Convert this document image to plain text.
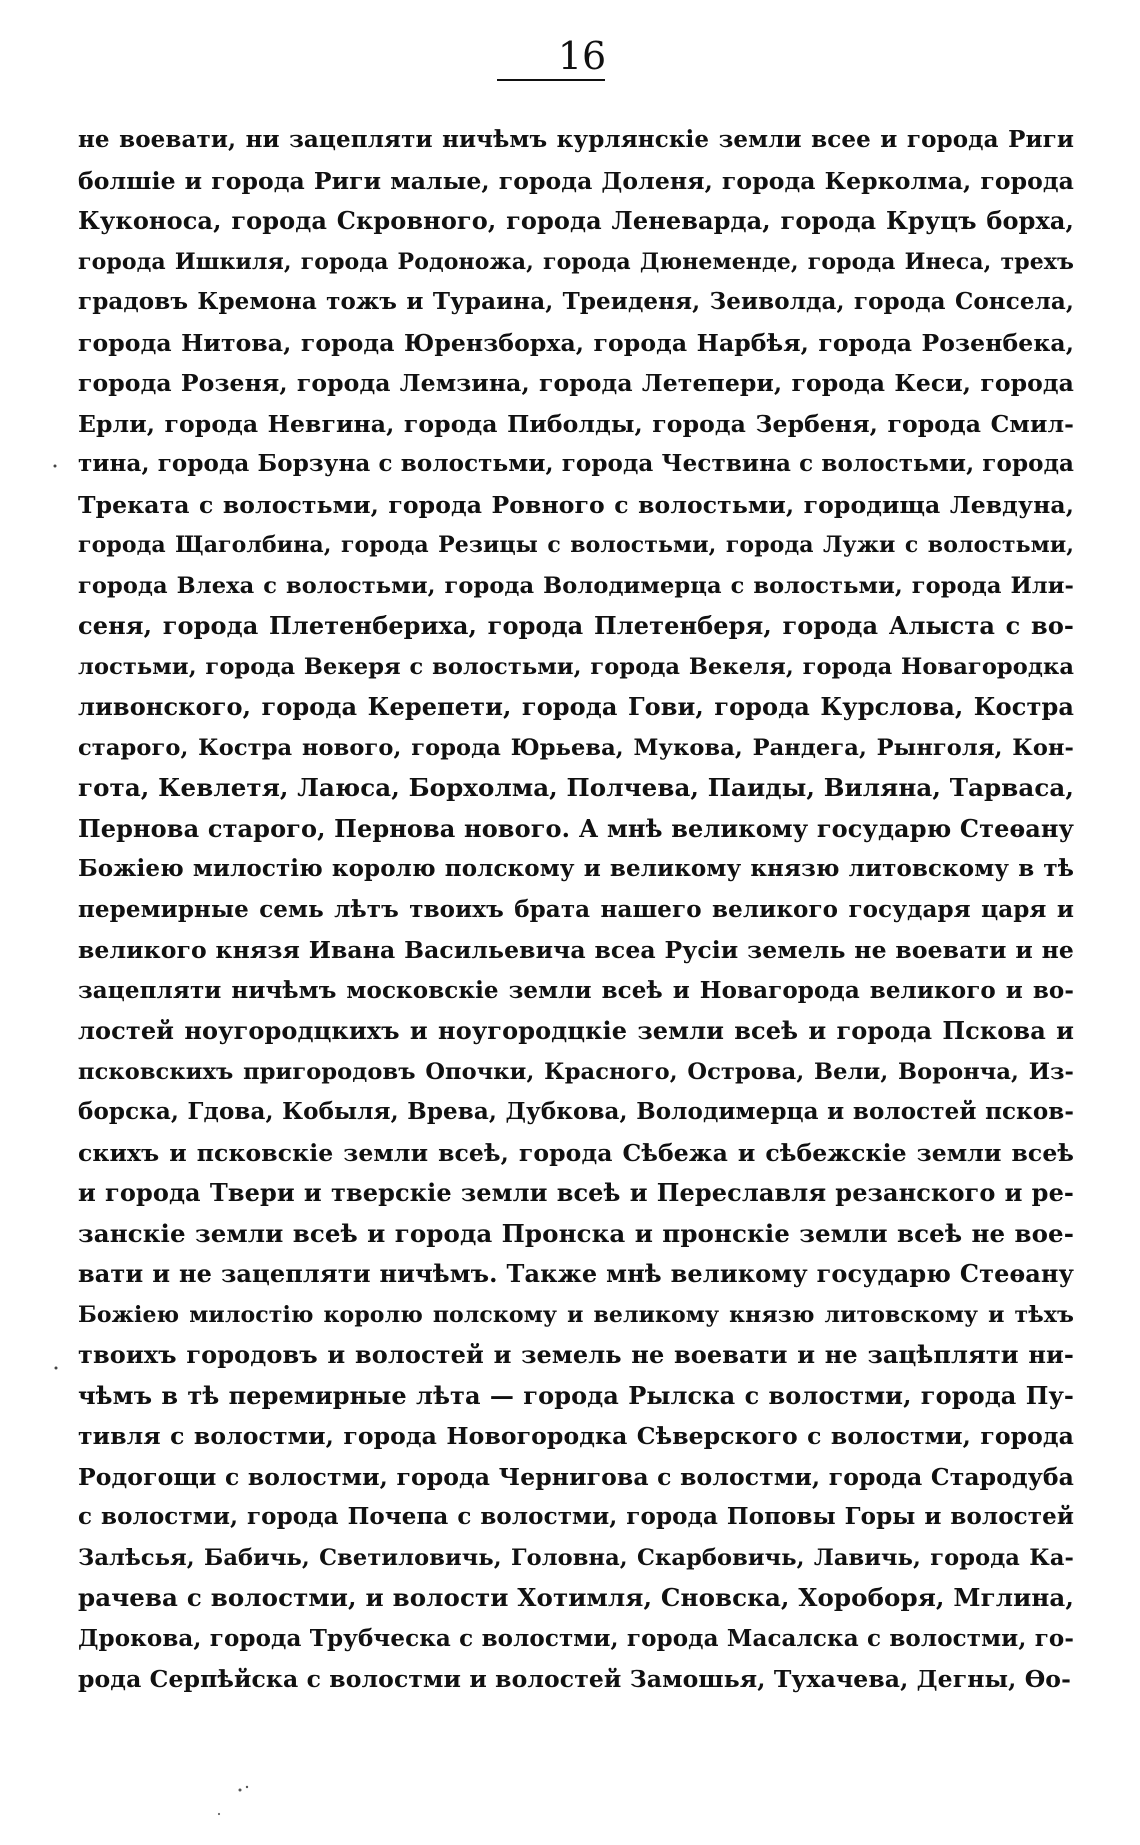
16
не воевати, ни зацепляти ничѣмъ курлянскіе земли всее и города Риги
болшіе и города Риги малые, города Доленя, города Керколма, города
Куконоса, города Скровного, города Леневарда, города Круцъ борха,
города Ишкиля, города Родонoжа, города Дюнеменде, города Инеса, трехъ
градовъ Кремона тожъ и Тураина, Треиденя, Зеиволда, города Сонсела,
города Нитова, города Юрензборха, города Нарбѣя, города Розенбека,
города Розеня, города Лемзина, города Летепери, города Кеси, города
Ерли, города Невгина, города Пиболды, города Зербеня, города Смил-
тина, города Борзуна с волостьми, города Чествина с волостьми, города
Треката с волостьми, города Ровного с волостьми, городища Левдуна,
города Щаголбина, города Резицы с волостьми, города Лужи с волостьми,
города Влеха с волостьми, города Володимерца с волостьми, города Или-
сеня, города Плетенбериха, города Плетенберя, города Алыста с во-
лостьми, города Векеря с волостьми, города Векеля, города Новагородка
ливонского, города Керепети, города Гови, города Курслова, Костра
старого, Костра нового, города Юрьева, Мукова, Рандега, Рынголя, Кон-
гота, Кевлетя, Лаюса, Борхолма, Полчева, Паиды, Виляна, Тарваса,
Пернова старого, Пернова нового. А мнѣ великому государю Стеѳану
Божіею милостію королю полскому и великому князю литовскому в тѣ
перемирные семь лѣтъ твоихъ брата нашего великого государя царя и
великого князя Ивана Васильевича всеа Русіи земель не воевати и не
зацепляти ничѣмъ московскіе земли всеѣ и Новагорода великого и во-
лостей ноугородцкихъ и ноугородцкіе земли всеѣ и города Пскова и
псковскихъ пригородовъ Опочки, Красного, Острова, Вели, Воронча, Из-
борска, Гдова, Кобыля, Врева, Дубкова, Володимерца и волостей псков-
скихъ и псковскіе земли всеѣ, города Сѣбежа и сѣбежскіе земли всеѣ
и города Твери и тверскіе земли всеѣ и Переславля резанского и ре-
занскіе земли всеѣ и города Пронска и пронскіе земли всеѣ не вое-
вати и не зацепляти ничѣмъ. Также мнѣ великому государю Стеѳану
Божіею милостію королю полскому и великому князю литовскому и тѣхъ
твоихъ городовъ и волостей и земель не воевати и не зацѣпляти ни-
чѣмъ в тѣ перемирные лѣта — города Рылска с волостми, города Пу-
тивля с волостми, города Новогородка Сѣверского с волостми, города
Родогощи с волостми, города Чернигова с волостми, города Стародуба
с волостми, города Почепа с волостми, города Поповы Горы и волостей
Залѣсья, Бабичь, Светиловичь, Головна, Скарбовичь, Лавичь, города Ка-
рачева с волостми, и волости Хотимля, Сновска, Хороборя, Мглина,
Дрокова, города Трубческа с волостми, города Масалска с волостми, го-
рода Серпѣйска с волостми и волостей Замошья, Тухачева, Дегны, Ѳо-
